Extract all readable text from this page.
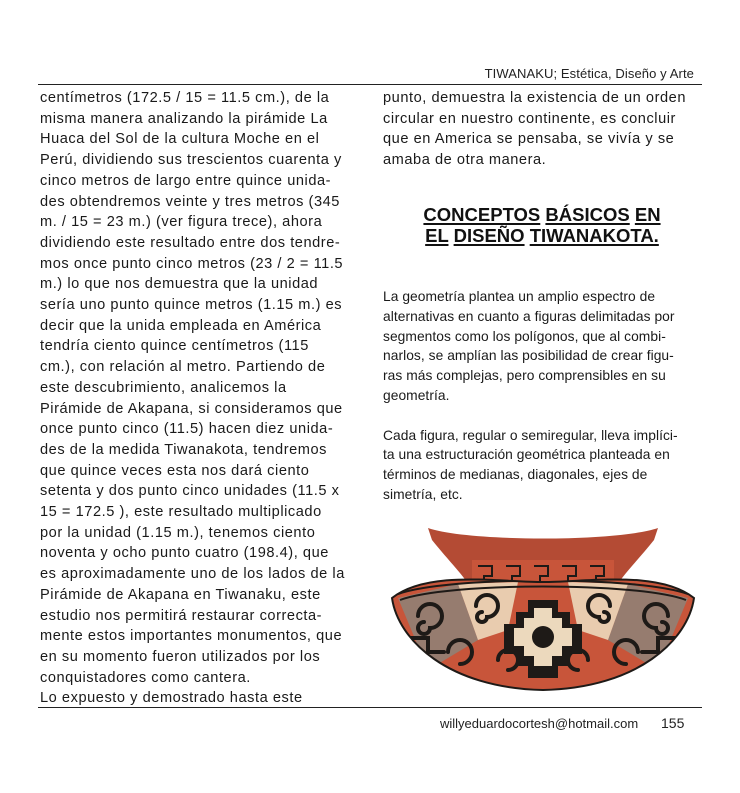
TIWANAKU; Estética, Diseño y Arte

centímetros (172.5 / 15 = 11.5 cm.), de la
misma manera analizando la pirámide La
Huaca del Sol de la cultura Moche en el
Perú, dividiendo sus trescientos cuarenta y
cinco metros de largo entre quince unida-
des obtendremos veinte y tres metros (345
m. / 15 = 23 m.) (ver figura trece), ahora
dividiendo este resultado entre dos tendre-
mos once punto cinco metros (23 / 2 = 11.5
m.) lo que nos demuestra que la unidad
sería uno punto quince metros (1.15 m.) es
decir que la unida empleada en América
tendría ciento quince centímetros (115
cm.), con relación al metro. Partiendo de
este descubrimiento, analicemos la
Pirámide de Akapana, si consideramos que
once punto cinco (11.5) hacen diez unida-
des de la medida Tiwanakota, tendremos
que quince veces esta nos dará ciento
setenta y dos punto cinco unidades (11.5 x
15 = 172.5 ), este resultado multiplicado
por la unidad (1.15 m.), tenemos ciento
noventa y ocho punto cuatro (198.4), que
es aproximadamente uno de los lados de la
Pirámide de Akapana en Tiwanaku, este
estudio nos permitirá restaurar correcta-
mente estos importantes monumentos, que
en su momento fueron utilizados por los
conquistadores como cantera.
Lo expuesto y demostrado hasta este

punto, demuestra la existencia de un orden
circular en nuestro continente, es concluir
que en America se pensaba, se vivía y se
amaba de otra manera.

CONCEPTOS BÁSICOS EN
EL DISEÑO TIWANAKOTA.

La geometría plantea un amplio espectro de
alternativas en cuanto a figuras delimitadas por
segmentos como los polígonos, que al combi-
narlos, se amplían las posibilidad de crear figu-
ras más complejas, pero comprensibles en su
geometría.

Cada figura, regular o semiregular, lleva implíci-
ta una estructuración geométrica planteada en
términos de medianas, diagonales, ejes de
simetría, etc.

willyeduardocortesh@hotmail.com 155
